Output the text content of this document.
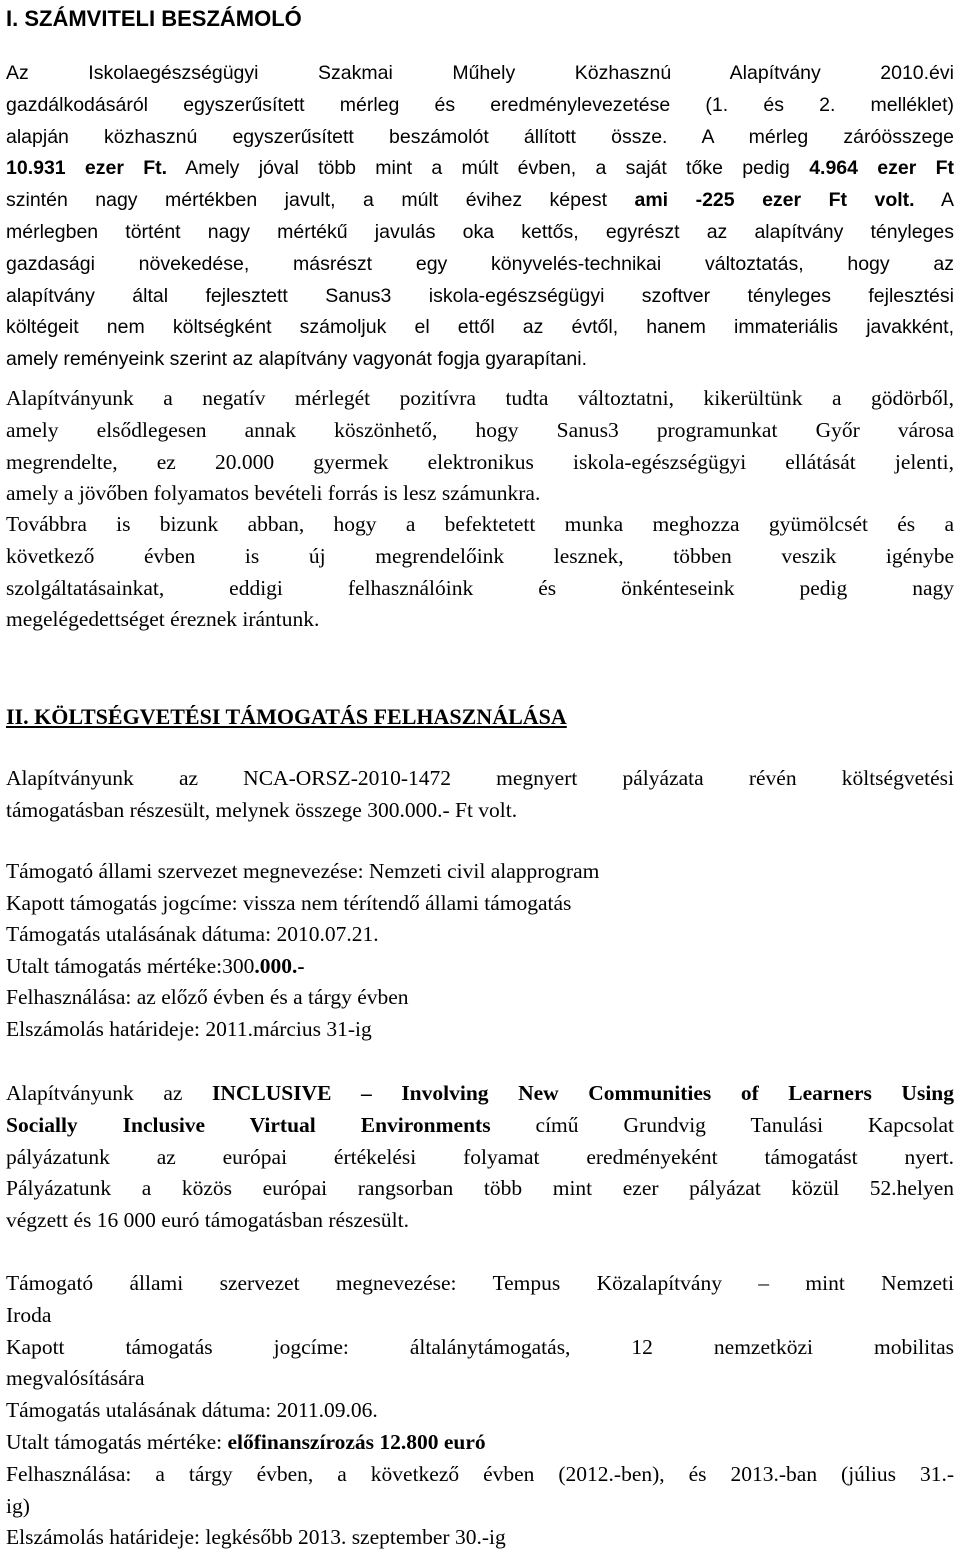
I. SZÁMVITELI BESZÁMOLÓ
Az Iskolaegészségügyi Szakmai Műhely Közhasznú Alapítvány 2010.évi
gazdálkodásáról egyszerűsített mérleg és eredménylevezetése (1. és 2. melléklet)
alapján közhasznú egyszerűsített beszámolót állított össze. A mérleg záróösszege
10.931 ezer Ft. Amely jóval több mint a múlt évben, a saját tőke pedig 4.964 ezer Ft
szintén nagy mértékben javult, a múlt évihez képest ami -225 ezer Ft volt. A
mérlegben történt nagy mértékű javulás oka kettős, egyrészt az alapítvány tényleges
gazdasági növekedése, másrészt egy könyvelés-technikai változtatás, hogy az
alapítvány által fejlesztett Sanus3 iskola-egészségügyi szoftver tényleges fejlesztési
költégeit nem költségként számoljuk el ettől az évtől, hanem immateriális javakként,
amely reményeink szerint az alapítvány vagyonát fogja gyarapítani.
Alapítványunk a negatív mérlegét pozitívra tudta változtatni, kikerültünk a gödörből,
amely elsődlegesen annak köszönhető, hogy Sanus3 programunkat Győr városa
megrendelte, ez 20.000 gyermek elektronikus iskola-egészségügyi ellátását jelenti,
amely a jövőben folyamatos bevételi forrás is lesz számunkra.
Továbbra is bizunk abban, hogy a befektetett munka meghozza gyümölcsét és a
következő évben is új megrendelőink lesznek, többen veszik igénybe
szolgáltatásainkat, eddigi felhasználóink és önkénteseink pedig nagy
megelégedettséget éreznek irántunk.
II. KÖLTSÉGVETÉSI TÁMOGATÁS FELHASZNÁLÁSA
Alapítványunk az NCA-ORSZ-2010-1472 megnyert pályázata révén költségvetési
támogatásban részesült, melynek összege 300.000.- Ft volt.
Támogató állami szervezet megnevezése: Nemzeti civil alapprogram
Kapott támogatás jogcíme: vissza nem térítendő állami támogatás
Támogatás utalásának dátuma: 2010.07.21.
Utalt támogatás mértéke:300.000.-
Felhasználása: az előző évben és a tárgy évben
Elszámolás határideje: 2011.március 31-ig
Alapítványunk az INCLUSIVE – Involving New Communities of Learners Using
Socially Inclusive Virtual Environments című Grundvig Tanulási Kapcsolat
pályázatunk az európai értékelési folyamat eredményeként támogatást nyert.
Pályázatunk a közös európai rangsorban több mint ezer pályázat közül 52.helyen
végzett és 16 000 euró támogatásban részesült.
Támogató állami szervezet megnevezése: Tempus Közalapítvány – mint Nemzeti
Iroda
Kapott támogatás jogcíme: általánytámogatás, 12 nemzetközi mobilitas
megvalósítására
Támogatás utalásának dátuma: 2011.09.06.
Utalt támogatás mértéke: előfinanszírozás 12.800 euró
Felhasználása: a tárgy évben, a következő évben (2012.-ben), és 2013.-ban (július 31.-
ig)
Elszámolás határideje: legkésőbb 2013. szeptember 30.-ig
